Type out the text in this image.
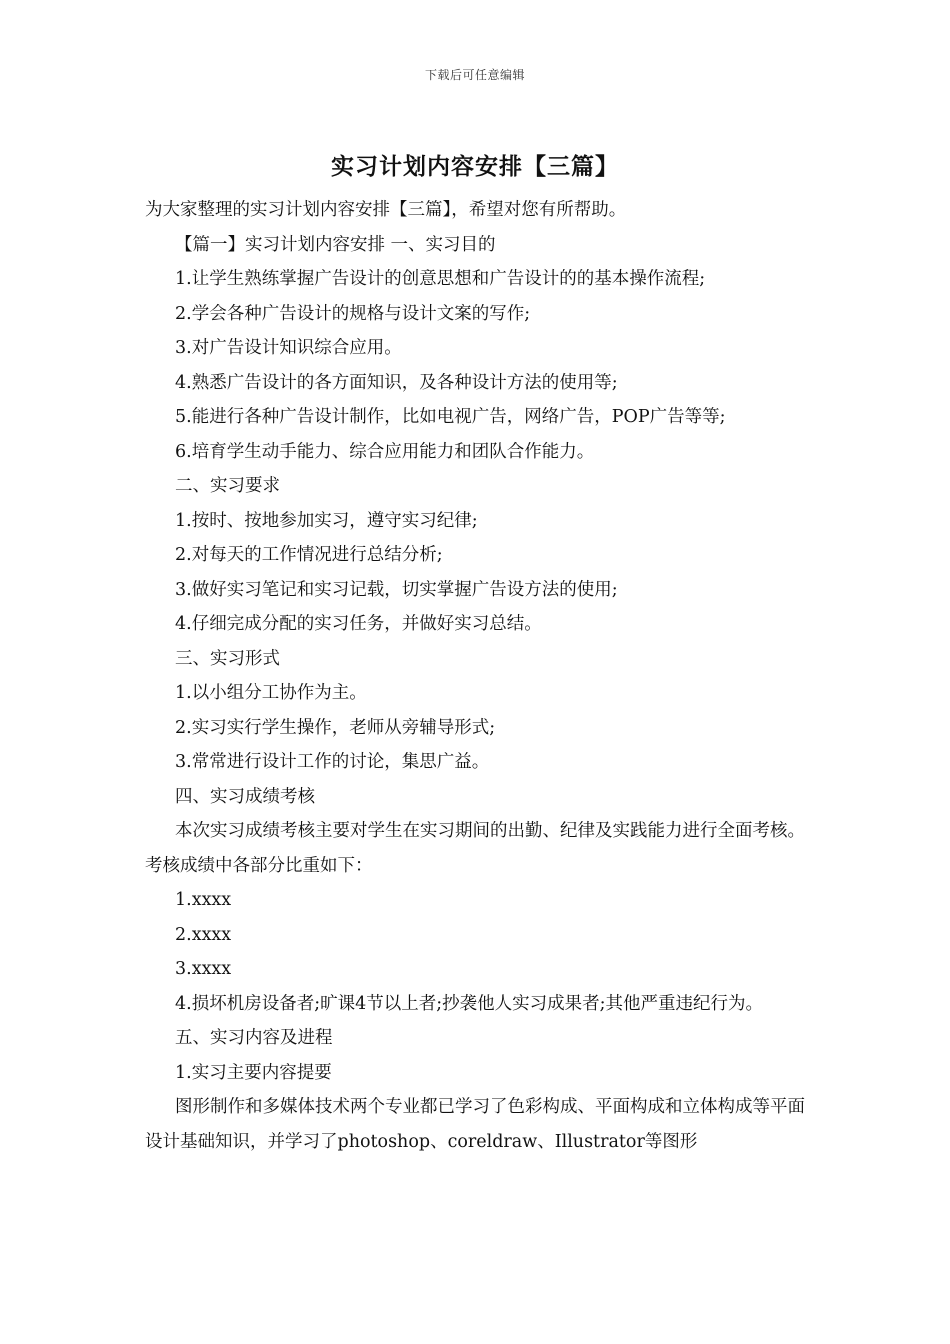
下载后可任意编辑
实习计划内容安排【三篇】

为大家整理的实习计划内容安排【三篇】，希望对您有所帮助。

【篇一】实习计划内容安排 一、实习目的

1.让学生熟练掌握广告设计的创意思想和广告设计的的基本操作流程;

2.学会各种广告设计的规格与设计文案的写作;

3.对广告设计知识综合应用。

4.熟悉广告设计的各方面知识，及各种设计方法的使用等;

5.能进行各种广告设计制作，比如电视广告，网络广告，POP广告等等;

6.培育学生动手能力、综合应用能力和团队合作能力。

二、实习要求

1.按时、按地参加实习，遵守实习纪律;

2.对每天的工作情况进行总结分析;

3.做好实习笔记和实习记载，切实掌握广告设方法的使用;

4.仔细完成分配的实习任务，并做好实习总结。

三、实习形式

1.以小组分工协作为主。

2.实习实行学生操作，老师从旁辅导形式;

3.常常进行设计工作的讨论，集思广益。

四、实习成绩考核

本次实习成绩考核主要对学生在实习期间的出勤、纪律及实践能力进行全面考核。考核成绩中各部分比重如下：

1.xxxx

2.xxxx

3.xxxx

4.损坏机房设备者;旷课4节以上者;抄袭他人实习成果者;其他严重违纪行为。

五、实习内容及进程

1.实习主要内容提要

图形制作和多媒体技术两个专业都已学习了色彩构成、平面构成和立体构成等平面设计基础知识，并学习了photoshop、coreldraw、Illustrator等图形
